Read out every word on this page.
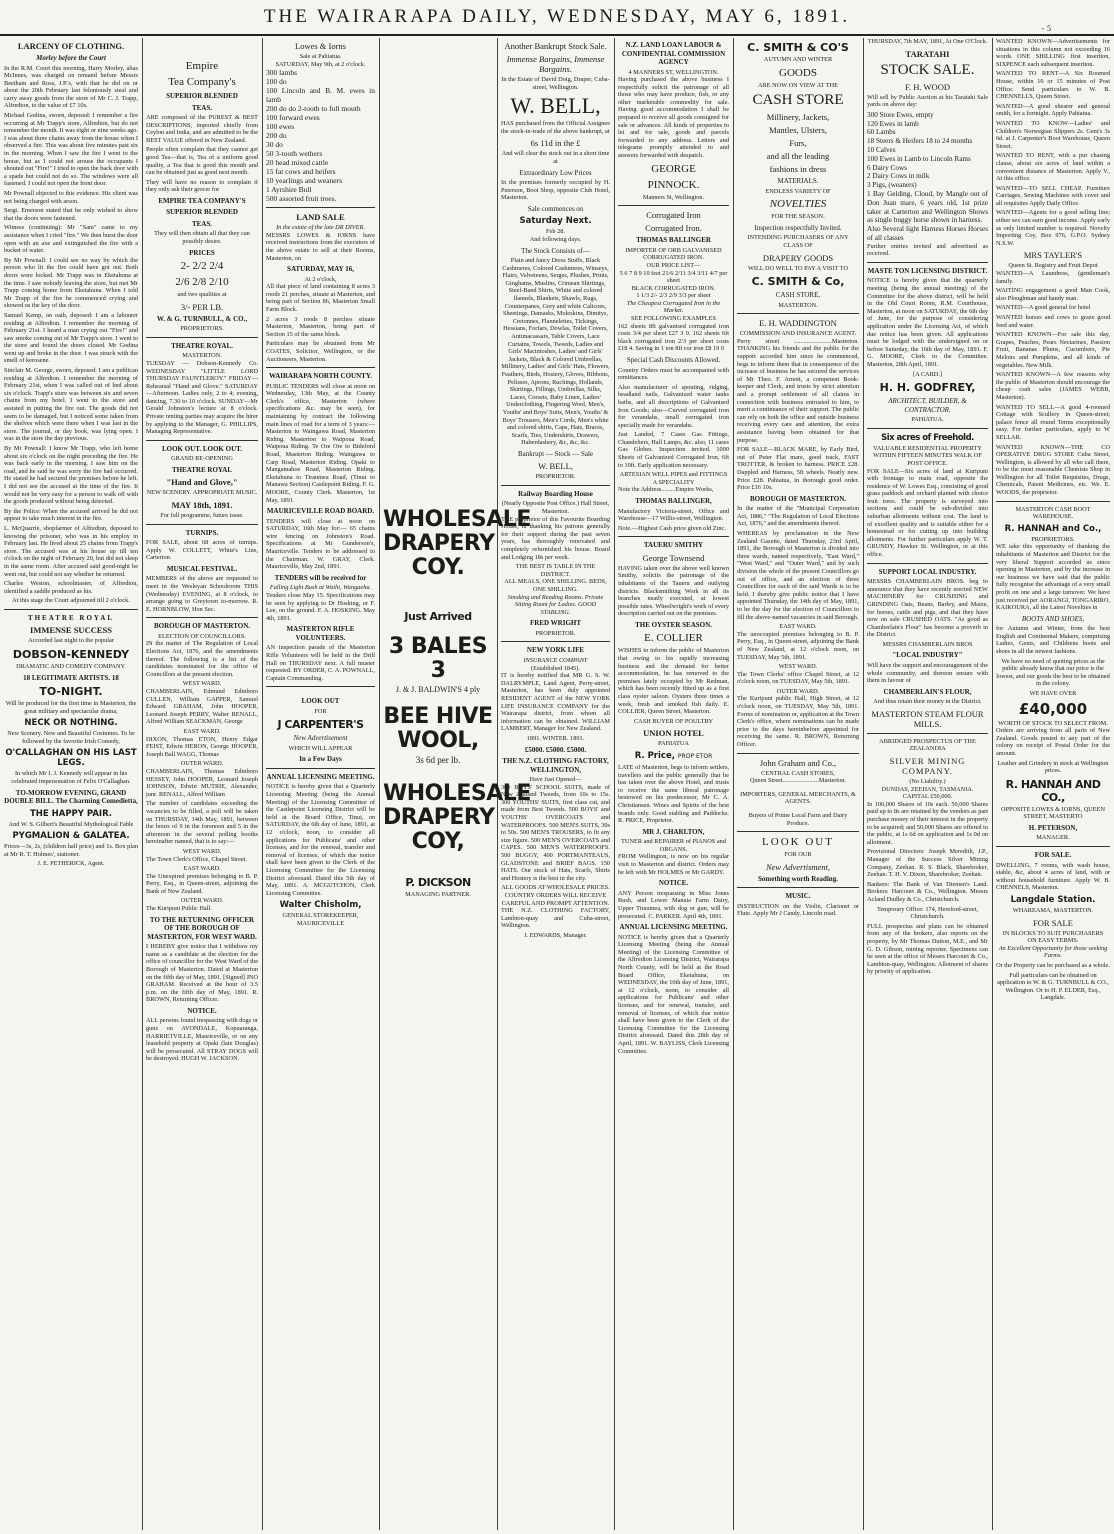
THE WAIRARAPA DAILY, WEDNESDAY, MAY 6, 1891.
-5
LARCENY OF CLOTHING.
Morley before the Court

In the R.M. Court this morning, Harry Morley, alias McInnes, was charged on remand before Messrs Beetham and Ross, J.P.'s, with that he did on or about the 20th February last feloniously steal and carry away goods from the store of Mr C. J. Trapp, Alfredton, to the value of £7 10s.

Michael Godina, sworn, deposed: I remember a fire occurring at Mr Trapp's store, Alfredton, but do not remember the month. It was eight or nine weeks ago. I was about three chains away from the house when I observed a fire. This was about five minutes past six in the morning. When I saw the fire I went to the house, but as I could not arouse the occupants I shouted out "Fire!" I tried to open the back door with a spade but could not do so. The windows were all fastened. I could not open the front door.

Mr Pownall objected to this evidence. His client was not being charged with arson.

Sergt. Emerson stated that he only wished to show that the doors were fastened.

Witness (continuing): Mr "Sam" came to my assistance when I cried "fire." We then burst the door open with an axe and extinguished the fire with a bucket of water.

By Mr Pownall: I could see no way by which the person who lit the fire could have got out. Both doors were locked. Mr Trapp was in Eketahuna at the time. I saw nobody leaving the store, but met Mr Trapp coming home from Eketahuna. When I told Mr Trapp of the fire he commenced crying and showed us the key of the door.

Samuel Kemp, on oath, deposed: I am a labourer residing at Alfredton. I remember the morning of February 21st. I heard a man crying out "Fire!" and saw smoke coming out of Mr Trapp's store. I went to the store and found the doors closed. Mr Godina went up and broke in the door. I was struck with the smell of kerosene.

Sinclair M. George, sworn, deposed: I am a publican residing at Alfredton. I remember the morning of February 21st, when I was called out of bed about six o'clock. Trapp's store was between six and seven chains from my hotel. I went to the store and assisted in putting the fire out. The goods did not seem to be damaged, but I noticed some taken from the shelves which were there when I was last in the store. The journal, or day book, was lying open. I was in the store the day previous.

By Mr Pownall: I know Mr Trapp, who left home about six o'clock on the night preceding the fire. He was back early in the morning. I saw him on the road, and he said he was sorry the fire had occurred. He stated he had secured the premises before he left. I did not see the accused at the time of the fire. It would not be very easy for a person to walk off with the goods produced without being detected.

By the Police: When the accused arrived he did not appear to take much interest in the fire.

L. McQuarrie, shopfarmer of Alfredton, deposed to knowing the prisoner, who was in his employ in February last. He lived about 25 chains from Trapp's store. The accused was at his house up till ten o'clock on the night of February 20, but did not sleep in the same room. After accused said good-night he went out, but could not say whether he returned.

Charles Weston, schoolmaster, of Alfredton, identified a saddle produced as his.

At this stage the Court adjourned till 2 o'clock.

THEATRE ROYAL
IMMENSE SUCCESS
Accorded last night to the popular
DOBSON-KENNEDY
DRAMATIC AND COMEDY COMPANY.
18 LEGITIMATE ARTISTS. 18
TO-NIGHT.
Will be produced for the first time in Masterton, the great military and spectacular drama,
NECK OR NOTHING.
New Scenery. New and Beautiful Costumes. To be followed by the favorite Irish Comedy,
O'CALLAGHAN ON HIS LAST LEGS.
In which Mr J. J. Kennedy will appear in his celebrated impersonation of Felix O'Callaghan.
TO-MORROW EVENING, GRAND DOUBLE BILL. The Charming Comedietta,
THE HAPPY PAIR.
And W. S. Gilbert's Beautiful Mythological Fable
PYGMALION & GALATEA.

Prices—3s, 2s, (children half price) and 1s. Box plan at Mr R. T. Holmes', stationer.

J. E. PETHERICK, Agent.

Empire
Tea Company's
SUPERIOR BLENDED
TEAS.

ARE composed of the PUREST & BEST DESCRIPTIONS, imported chiefly from Ceylon and India, and are admitted to be the BEST VALUE offered in New Zealand.

People often complain that they cannot get good Tea—that is, Tea of a uniform good quality, a Tea that is good this month and can be obtained just as good next month.

They will have no reason to complain if they only ask their grocer for

EMPIRE TEA COMPANY'S
SUPERIOR BLENDED
TEAS.

They will then obtain all that they can possibly desire.

PRICES
2- 2/2 2/4
2/6 2/8 2/10
and two qualities at
3/- PER LB.
W. & G. TURNBULL, & CO.,
PROPRIETORS.
THEATRE ROYAL.
MASTERTON.

TUESDAY — Dobson-Kennedy Co. WEDNESDAY "LITTLE LORD THURSDAY FAUNTLEROY." FRIDAY—Rehearsal "Hand and Glove." SATURDAY—Afternoon. Ladies only, 2 to 4; evening, dancing, 7.30 to 10 o'clock. SUNDAY—Mr Gerald Johnston's lecture at 8 o'clock. Private renting parties may acquire the hirer by applying to the Manager, G. PHILLIPS, Managing Representative.

LOOK OUT. LOOK OUT.
GRAND RE-OPENING
THEATRE ROYAL
"Hand and Glove,"
NEW SCENERY. APPROPRIATE MUSIC.
MAY 18th, 1891.
For full programme, future issue.
TURNIPS.

FOR SALE, about 68 acres of turnips. Apply W. COLLETT, White's Line, Carterton.

MUSICAL FESTIVAL.

MEMBERS of the above are requested to meet in the Wesleyan Schoolroom THIS (Wednesday) EVENING, at 8 o'clock, to arrange going to Greytown to-morrow. R. E. HORNBLOW, Hon Sec.

BOROUGH OF MASTERTON.
ELECTION OF COUNCILLORS.

IN the matter of The Regulation of Local Elections Act, 1876, and the amendments thereof. The following is a list of the candidates nominated for the office of Councillors at the present election.

WEST WARD.

CHAMBERLAIN, Edmund Edinboro CULLEN, William GAPPER, Samuel Edward GRAHAM, John HOOPER, Leonard Joseph PERRY, Walter RENALL, Alfred William SEACKMAN, George

EAST WARD.

DIXON, Thomas ETON, Henry Edgar FEIST, Edwin HERON, George HOOPER, Joseph Ball WAGG, Thomas

OUTER WARD.

CHAMBERLAIN, Thomas Edinboro HESSEY, John HOOPER, Leonard Joseph JOHNSON, Edwin MUTRIE, Alexander, junr. RENALL, Alfred William

The number of candidates exceeding the vacancies to be filled, a poll will be taken on THURSDAY, 14th May, 1891, between the hours of 9 in the forenoon and 5 in the afternoon in the several polling booths hereinafter named, that is to say:—

WEST WARD.

The Town Clerk's Office, Chapel Street.

EAST WARD.

The Unexpired premises belonging to B. P. Perry, Esq., in Queen-street, adjoining the Bank of New Zealand.

OUTER WARD.

The Kuripuni Public Hall.

TO THE RETURNING OFFICER OF THE BOROUGH OF MASTERTON, FOR WEST WARD.

I HEREBY give notice that I withdraw my name as a candidate at the election for the office of councillor for the West Ward of the Borough of Masterton. Dated at Masterton on the fifth day of May, 1891. [Signed] JNO GRAHAM. Received at the hour of 3.5 p.m. on the fifth day of May, 1891. R. BROWN, Returning Officer.

NOTICE.

ALL persons found trespassing with dogs or guns on AVONDALE, Kopuaranga, HARRIETVILLE, Mauriceville, or on any leasehold property at Opaki (late Douglas) will be prosecuted. All STRAY DOGS will be destroyed. HUGH W. JACKSON.

Lowes & Iorns
Sale at Pahiatua.
SATURDAY, May 9th, at 2 o'clock.
300 lambs
100 do
100 Lincoln and B. M. ewes in lamb
200 do do 2-tooth to full mouth
100 forward ewes
100 ewes
200 do
30 do
50 3-tooth wethers
20 head mixed cattle
15 fat cows and heifers
10 yearlings and weaners
1 Ayrshire Bull
500 assorted fruit trees.
LAND SALE
In the estate of the late DR DIVER.

MESSRS LOWES & IORNS have received instructions from the executors of the above estate to sell at their Rooms, Masterton, on

SATURDAY, MAY 16,
At 2 o'clock,

All that piece of land containing 8 acres 3 roods 21 perches, situate at Masterton, and being part of Section 86, Masterton Small Farm Block.

2 acres 3 roods 8 perches situate Masterton, Masterton, being part of Section 15 of the same block.

Particulars may be obtained from Mr COATES, Solicitor, Wellington, or the Auctioneers, Masterton.

WAIRARAPA NORTH COUNTY.

PUBLIC TENDERS will close at noon on Wednesday, 13th May, at the County Clerk's office, Masterton (where specifications &c. may be seen), for maintaining by contract the following main lines of road for a term of 3 years:— Masterton to Waingawa Road, Masterton Riding. Masterton to Waipoua Road, Waipoua Riding. Te Ore Ore to Bideford Road, Masterton Riding. Waingawa to Carp Road, Masterton Riding. Opaki to Mangamahoe Road, Masterton Riding. Eketahuna to Tiraumea Road, (Tinui to Manawa Section) Castlepoint Riding. F. G. MOORE, County Clerk. Masterton, 1st May, 1891.

MAURICEVILLE ROAD BOARD.

TENDERS will close at noon on SATURDAY, 16th May for:— 65 chains wire fencing on Johnston's Road. Specifications at Mr Gunderson's, Mauriceville. Tenders to be addressed to the Chairman. W. GRAY, Clerk. Mauriceville, May 2nd, 1891.

TENDERS will be received for
Falling Light Bush at Waihi, Wangaehu.

Tenders close May 15. Specifications may be seen by applying to Dr Hosking, or F. Lee, on the ground. F. A. HOSKING. May 4th, 1891.

MASTERTON RIFLE VOLUNTEERS.

AN inspection parade of the Masterton Rifle Volunteers will be held in the Drill Hall on THURSDAY next. A full muster requested. BY ORDER, C. A. POWNALL, Captain Commanding.

LOOK OUT
FOR
J CARPENTER'S
New Advertisement
WHICH WILL APPEAR
In a Few Days
ANNUAL LICENSING MEETING.

NOTICE is hereby given that a Quarterly Licensing Meeting (being the Annual Meeting) of the Licensing Committee of the Castlepoint Licensing District will be held at the Board Office, Tinui, on SATURDAY, the 6th day of June, 1891, at 12 o'clock, noon, to consider all applications for Publicans' and other licenses, and for the renewal, transfer and removal of licenses, of which due notice shall have been given to the Clerk of the Licensing Committee for the Licensing District aforesaid. Dated this 5th day of May, 1891. A. MCGUTCHON, Clerk Licensing Committee.

Walter Chisholm,
GENERAL STOREKEEPER,
MAURICEVILLE
WHOLESALE DRAPERY COY.
Just Arrived
3 BALES 3
J. & J. BALDWIN'S 4 ply
BEE HIVE WOOL,
3s 6d per lb.
WHOLESALE DRAPERY COY,
P. DICKSON
MANAGING PARTNER.
Another Bankrupt Stock Sale.
Immense Bargains, Immense Bargains.
In the Estate of David Doig, Draper, Cuba-street, Wellington.
W. BELL,

HAS purchased from the Official Assignee the stock-in-trade of the above bankrupt, at

6s 11d in the £
And will clear the stock out in a short time at
Extraordinary Low Prices

In the premises formerly occupied by H. Peterson, Boot Shop, opposite Club Hotel, Masterton.

Sale commences on
Saturday Next.
Feb 28.
And following days.
The Stock Consists of—

Plain and fancy Dress Stuffs, Black Cashmeres, Colored Cashmeres, Winseys, Flairs, Velveteens, Serges, Plushes, Prints, Ginghams, Muslins, Crimean Shirtings, Steel-Band Shirts, White and colored flannels, Blankets, Shawls, Rugs, Counterpanes, Grey and white Calicoes, Sheetings, Damasks, Moleskins, Dimitys, Cretonnes, Flannelettes, Tickings, Hessians, Forfars, Dowlas, Toilet Covers, Antimacassars, Table Covers, Lace Curtains, Towels, Tweeds, Ladies and Girls' Macintoshes, Ladies' and Girls' Jackets, Black & Colored Umbrellas, Millinery, Ladies' and Girls' Hats, Flowers, Feathers, Birds, Hosiery, Gloves, Ribbons, Pelisses, Aprons, Ruchings, Hollands, Skirtings, Fillings, Umbrellas, Silks, Laces, Corsets, Baby Linen, Ladies' Underclothing, Fingering Wool, Men's, Youths' and Boys' Suits, Men's, Youths' & Boys' Trousers, Men's Cords, Men's white and colored shirts, Caps, Hats, Braces, Scarfs, Ties, Undershirts, Drawers, Haberdashery, &c, &c, &c.

Bankrupt — Stock — Sale
W. BELL,
PROPRIETOR.
Railway Boarding House
(Nearly Opposite Post Office.) Hall Street, Masterton.

THE proprietor of this Favourite Boarding House, in thanking his patrons generally for their support during the past seven years, has thoroughly renovated and completely refurnished his house. Board and Lodging 18s per week.

THE BEST IS TABLE IN THE DISTRICT.
ALL MEALS, ONE SHILLING. BEDS, ONE SHILLING.

Smoking and Reading Rooms. Private Sitting Room for Ladies. GOOD STABLING.

FRED WRIGHT
PROPRIETOR.
NEW YORK LIFE
INSURANCE COMPANY
(Established 1845).

IT is hereby notified that MR G. S. W. DALRYMPLE, Land Agent, Perry-street, Masterton, has been duly appointed RESIDENT AGENT of the NEW YORK LIFE INSURANCE COMPANY for the Wairarapa district, from whom all information can be obtained. WILLIAM LAMBERT, Manager for New Zealand.

1891. WINTER. 1891.
£5000. £5000. £5000.
THE N.Z. CLOTHING FACTORY, WELLINGTON,
Have Just Opened—

300 BOYS' SCHOOL SUITS, made of New Zealand Tweeds, from 10s to 15s. 300 YOUTHS' SUITS, first class cut, and made from Best Tweeds. 500 BOYS' and YOUTHS' OVERCOATS and WATERPROOFS. 500 MEN'S SUITS, 30s to 50s. 500 MEN'S TROUSERS, to fit any size figure. 500 MEN'S OVERCOATS and CAPES. 500 MEN'S WATERPROOFS. 500 BUGGY, 400 PORTMANTEAUS, GLADSTONE and BRIEF BAGS. 150 HATS. Our stock of Hats, Scarfs, Shirts and Hosiery is the best in the city.

ALL GOODS AT WHOLESALE PRICES.
COUNTRY ORDERS WILL RECEIVE CAREFUL AND PROMPT ATTENTION.

THE N.Z. CLOTHING FACTORY, Lambton-quay and Cuba-street, Wellington.

J. EDWARDS, Manager.
N.Z. LAND LOAN LABOUR & CONFIDENTIAL COMMISSION AGENCY
4 MANNERS ST, WELLINGTON.

Having purchased the above business I respectfully solicit the patronage of all those who may have produce, fish, or any other marketable commodity for sale. Having good accommodation I shall be prepared to receive all goods consigned for sale or advances. All kinds of properties to let and for sale, goods and parcels forwarded to any address. Letters and telegrams promptly attended to and answers forwarded with despatch.

GEORGE
PINNOCK.
Manners St, Wellington.
Corrugated Iron
Corrugated Iron.
THOMAS BALLINGER
IMPORTER OF ORB GALVANISED CORRUGATED IRON.
OUR PRICE LIST—
5 6 7 8 9 10 feet 21/6 2/11 3/4 3/11 4/7 per sheet
BLACK CORRUGATED IRON.
1 1/3 2/- 2/3 2/9 3/3 per sheet
The Cheapest Corrugated Iron in the Market.
SEE FOLLOWING EXAMPLES

162 sheets 8ft galvanised corrugated iron costs 3/4 per sheet £27 3 0. 162 sheets 6ft black corrugated iron 2/3 per sheet costs £18 4. Saving in 1 ton 8ft cor iron £8 19 0

Special Cash Discounts Allowed.

Country Orders must be accompanied with remittances.

Also manufacturer of spouting, ridging, headland nails, Galvanized water tanks baths, and all descriptions of Galvanised Iron Goods; also—Curved corrugated iron for verandahs, small corrugated iron specially made for verandahs.

Just Landed, 7 Cases Gas Fittings, Chandeliers, Hall Lamps, &c. also, 11 cases Gas Globes. Inspection invited. 1000 Sheets of Galvanized Corrugated Iron, 6ft to 10ft. Early application necessary.

ARTESIAN WELL PIPES and FITTINGS A SPECIALITY

Note the Address.........Empire Works,

THOMAS BALLINGER,

Manufactory Victoria-street, Office and Warehouse—17 Willis-street, Wellington.

Note.—Highest Cash price given old Zinc.

TAUERU SMITHY
George Townsend

HAVING taken over the above well known Smithy, solicits the patronage of the inhabitants of the Taueru and outlying districts. Blacksmithing Work in all its branches neatly executed, at lowest possible rates. Wheelwright's work of every description carried out on the premises.

THE OYSTER SEASON.
E. COLLIER

WISHES to inform the public of Masterton that owing to his rapidly increasing business and the demand for better accommodation, he has removed to the premises lately occupied by Mr Redman, which has been recently fitted up as a first class oyster saloon. Oysters three times a week, fresh and smoked fish daily. E. COLLIER, Queen Street, Masterton.

CASH BUYER OF POULTRY
UNION HOTEL
PAHIATUA
R. Price, PROP ETOR

LATE of Masterton, begs to inform settlers, travellers and the public generally that he has taken over the above Hotel, and trusts to receive the same liberal patronage bestowed on his predecessor, Mr C. A. Christiansen. Wines and Spirits of the best brands only. Good stabling and Paddocks. R. PRICE, Proprietor.

MR J. CHARLTON,
TUNER and REPAIRER of PIANOS and ORGANS.

FROM Wellington, is now on his regular visit to Masterton and district. Orders may be left with Mr HOLMES or Mr GARDY.

NOTICE.

ANY Person trespassing in Miss Jones Bush, and Lower Manaia Farm Dairy, Upper Tiraumea, with dog or gun, will be prosecuted. C. PARKER. April 4th, 1891.

ANNUAL LICENSING MEETING.

NOTICE is hereby given that a Quarterly Licensing Meeting (being the Annual Meeting) of the Licensing Committee of the Alfredton Licensing District, Wairarapa North County, will be held at the Road Board Office, Eketahuna, on WEDNESDAY, the 10th day of June, 1891, at 12 o'clock, noon, to consider all applications for Publicans' and other licenses, and for renewal, transfer, and removal of licenses, of which due notice shall have been given to the Clerk of the Licensing Committee for the Licensing District aforesaid. Dated this 28th day of April, 1891. W. BAYLISS, Clerk Licensing Committee.

C. SMITH & CO'S
AUTUMN AND WINTER
GOODS
ARE NOW ON VIEW AT THE
CASH STORE
Millinery, Jackets,
Mantles, Ulsters,
Furs,
and all the leading
fashions in dress
MATERIALS.
ENDLESS VARIETY OF
NOVELTIES
FOR THE SEASON.
Inspection respectfully Invited.
INTENDING PURCHASERS OF ANY CLASS OF
DRAPERY GOODS
WILL DO WELL TO PAY A VISIT TO
C. SMITH & Co,
CASH STORE,
MASTERTON.
E. H. WADDINGTON
COMMISSION AND INSURANCE AGENT.

Perry street ........................Masterton. THANKING his friends and the public for the support accorded him since he commenced, begs to inform them that in consequence of the increase of business he has secured the services of Mr Theo. F. Arnott, a competent Book-keeper and Clerk, and trusts by strict attention and a prompt settlement of all claims in connection with business entrusted to him, to merit a continuance of their support. The public can rely on both the office and outside business receiving every care and attention, the extra assistance having been obtained for that purpose.

FOR SALE—BLACK MARE, by Early Bird, out of Peter Flat mare, good track, FAST TROTTER, & broken to harness. PRICE £28. Dappled and Harness, 5ft wheels. Nearly new. Price £28. Pahiatua, in thorough good order. Price £16 10s.

BOROUGH OF MASTERTON.

In the matter of the "Municipal Corporation Act, 1886," "The Regulation of Local Elections Act, 1876," and the amendments thereof.

WHEREAS by proclamation in the New Zealand Gazette, dated Thursday, 23rd April, 1891, the Borough of Masterton is divided into three wards, named respectively, "East Ward," "West Ward," and "Outer Ward," and by such division the whole of the present Councillors go out of office, and an election of three Councillors for each of the said Wards is to be held. I thereby give public notice that I have appointed Thursday, the 14th day of May, 1891, to be the day for the election of Councillors to fill the above-named vacancies in said Borough.

EAST WARD.

The unoccupied premises belonging to B. P. Perry, Esq., in Queen-street, adjoining the Bank of New Zealand, at 12 o'clock noon, on TUESDAY, May 5th, 1891.

WEST WARD.

The Town Clerks' office Chapel Street, at 12 o'clock noon, on TUESDAY, May 5th, 1891.

OUTER WARD.

The Kuripuni public Hall, High Street, at 12 o'clock noon, on TUESDAY, May 5th, 1891. Forms of nomination or, application at the Town Clerk's office, where nominations can be made prior to the days hereinbefore appointed for receiving the same. R. BROWN, Returning Officer.

John Graham and Co.,
CENTRAL CASH STORES,
Queen Street.......................Masterton.
IMPORTERS, GENERAL MERCHANTS, & AGENTS.
Buyers of Prime Local Farm and Dairy Produce.
LOOK OUT
FOR OUR
New Advertisment,
Something worth Reading.
MUSIC.

INSTRUCTION on the Violin, Clarionet or Flute. Apply Mr J Candy, Lincoln road.

THURSDAY, 7th MAY, 1891, At One O'Clock.
TARATAHI
STOCK SALE.
F. H. WOOD

Will sell by Public Auction at his Taratahi Sale yards on above day:

300 Store Ewes, empty
120 Ewes in lamb
60 Lambs
18 Steers & Heifers 18 to 24 months
10 Calves
100 Ewes in Lamb to Lincoln Rams
6 Dairy Cows
2 Dairy Cows in milk
3 Pigs, (weaners)
1 Bay Gelding, Cloud, by Mangle out of Don Juan mare, 6 years old, 1st prize taker at Carterton and Wellington Shows as single buggy horse shown in harness.
Also Several light Harness Horses Horses of all classes

Further entries invited and advertised as received.

MASTE TON LICENSING DISTRICT.

NOTICE is hereby given that the quarterly meeting (being the annual meeting) of the Committee for the above district, will be held in the Old Court Room, R.M. Courthouse, Masterton, at noon on SATURDAY, the 6th day of June, for the purpose of considering application under the Licensing Act, of which due notice has been given. All applications must be lodged with the undersigned on or before Saturday, the 16th day of May, 1891. F. G. MOORE, Clerk to the Committee. Masterton, 28th April, 1891.

[A CARD.]
H. H. GODFREY,
ARCHITECT, BUILDER, & CONTRACTOR.
PAHIATUA.
Six acres of Freehold.
VALUABLE RESIDENTIAL PROPERTY WITHIN FIFTEEN MINUTES WALK OF POST OFFICE.

FOR SALE—Six acres of land at Kuripuni with frontage to main road, opposite the residence of W. Lowes Esq., consisting of good grass paddock and orchard planted with choice fruit trees. The property is surveyed into sections and could be sub-divided into suburban allotments without cost. The land is of excellent quality and is suitable either for a homestead or for cutting up into building allotments. For further particulars apply W. T. GRUNDY, Hawker St. Wellington, or at this office.

SUPPORT LOCAL INDUSTRY.

MESSRS CHAMBERLAIN BROS. beg to announce that they have recently erected NEW MACHINERY for CRUSHING and GRINDING Oats, Beans, Barley, and Maize, for horses, cattle and pigs, and that they have now on sale CRUSHED OATS. "As good as Chamberlain's Flour" has become a proverb in the District.

MESSRS CHAMBERLAIN BROS
"LOCAL INDUSTRY"

Will have the support and encouragement of the whole community, and thereon ensure with them in favour of

CHAMBERLAIN'S FLOUR,
And thus retain their money in the District.
MASTERTON STEAM FLOUR MILLS.
ABRIDGED PROSPECTUS OF THE ZEALANDIA
SILVER MINING COMPANY.
(No Liability.)
DUNDAS, ZEEHAN, TASMANIA.
CAPITAL £50,000.

In 100,000 Shares of 10s each. 50,000 Shares paid up to 8s are retained by the vendors as part purchase money of their interest in the property to be acquired; and 50,000 Shares are offered to the public, at 1s 6d on application and 1s 0d on allotment.

Provisional Directors: Joseph Meredith, J.P., Manager of the Success Silver Mining Company, Zeehan. R. S. Black, Sharebroker, Zeehan. T. H. V. Dixon, Sharebroker, Zeehan.

Bankers: The Bank of Van Diemen's Land. Brokers: Harcourt & Co., Wellington. Messrs Acland Dudley & Co., Christchurch.

Temporary Office: 174, Hereford-street, Christchurch.

FULL prospectus and plans can be obtained from any of the brokers, also reports on the property, by Mr Thomas Dutton, M.E., and Mr G. D. Gibson, mining reporter. Specimens can be seen at the office of Messrs Harcourt & Co., Lambton-quay, Wellington. Allotment of shares by priority of application.

WANTED KNOWN—Advertisements for situations in this column not exceeding 16 words ONE SHILLING first insertion, SIXPENCE each subsequent insertion.

WANTED TO RENT—A Six Roomed House, within 10 or 15 minutes of Post Office. Send particulars to W. B. CHENNELLS, Queen Street.

WANTED—A good shearer and general smith, for a fortnight. Apply Pahiatua.

WANTED TO KNOW—Ladies' and Children's Norwegian Slippers 2s. Gent's 3s 6d. at J. Carpenter's Boot Warehouse, Queen Street.

WANTED TO RENT, with a pur chasing clause, about six acres of land within a convenient distance of Masterton. Apply V., At this office.

WANTED—TO SELL CHEAP. Furniture Carriages, Sewing Machines with cover and all requisites Apply Daily Office.

WANTED—Agents for a good selling line; either sex can earn good income. Apply early as only limited number is required. Novelty Importing Coy, Box 976, G.P.O. Sydney N.S.W.

MRS TAYLER'S
Queen St. Registry and Fruit Depot

WANTED—A Laundress, (gentleman's family.

WAITING engagement a good Man Cook, also Ploughman and handy man.

WANTED—A good general for hotel

WANTED horses and cows to graze good feed and water.

WANTED KNOWN—For sale this day, Grapes, Peaches, Pears Nectarines, Passion Fruit, Bananas Plums, Cucumbers, Pie Melons and Pumpkins, and all kinds of vegetables. New Milk.

WANTED KNOWN—A few reasons why the public of Masterton should encourage the cheap cash sales (JAMES WEBB, Masterton).

WANTED TO SELL—A good 4-roomed Cottage with Scullery in Queen-street; palace fence all round Terms exceptionally easy. For further particulars, apply to W SELLAR.

WANTED KNOWN—THE CO OPERATIVE DRUG STORE Cuba Street, Wellington, is allowed by all who call there, to be the most reasonable Chemists Shop in Wellington for all Toilet Requisites, Drugs, Chemicals, Patent Medicines, etc. We. E. WOODS, the proprietor.

MASTERTON CASH BOOT WAREHOUSE.
R. HANNAH and Co.,
PROPRIETORS.

WE take this opportunity of thanking the inhabitants of Masterton and District for the very liberal Support accorded us since opening in Masterton, and by the increase in our business we have said that the public fully recognise the advantage of a very small profit on one and a large turnover. We have just received per AORANGI, TONGARIRO, KAIKOURA, all the Latest Novelties in

BOOTS AND SHOES,

for Autumn and Winter, from the best English and Continental Makers, comprising Ladies, Gents, and Childrens boots and shoes in all the newest fashions.

We have no need of quoting prices as the public already know that our price is the lowest, and our goods the best to be obtained in the colony.

WE HAVE OVER
£40,000
WORTH OF STOCK TO SELECT FROM.

Orders are arriving from all parts of New Zealand. Goods posted to any part of the colony on receipt of Postal Order for the amount.

Leather and Grindery in stock at Wellington prices.

R. HANNAH AND CO.,
OPPOSITE LOWES & IORNS, QUEEN STREET, MASTERTO
H. PETERSON,
MANAGER.
FOR SALE.

DWELLING, 7 rooms, with wash house, stable, &c, about 4 acres of land, with or without household furniture. Apply W. B. CHENNELS, Masterton.

Langdale Station.
WHAREAMA, MASTERTON.
FOR SALE
IN BLOCKS TO SUIT PURCHASERS
ON EASY TERMS.

An Excellent Opportunity for those seeking Farms.

Or the Property can be purchased as a whole.

Full particulars can be obtained on application to W. & G. TURNBULL & CO., Wellington. Or to H. P. ELDER, Esq., Langdale.
